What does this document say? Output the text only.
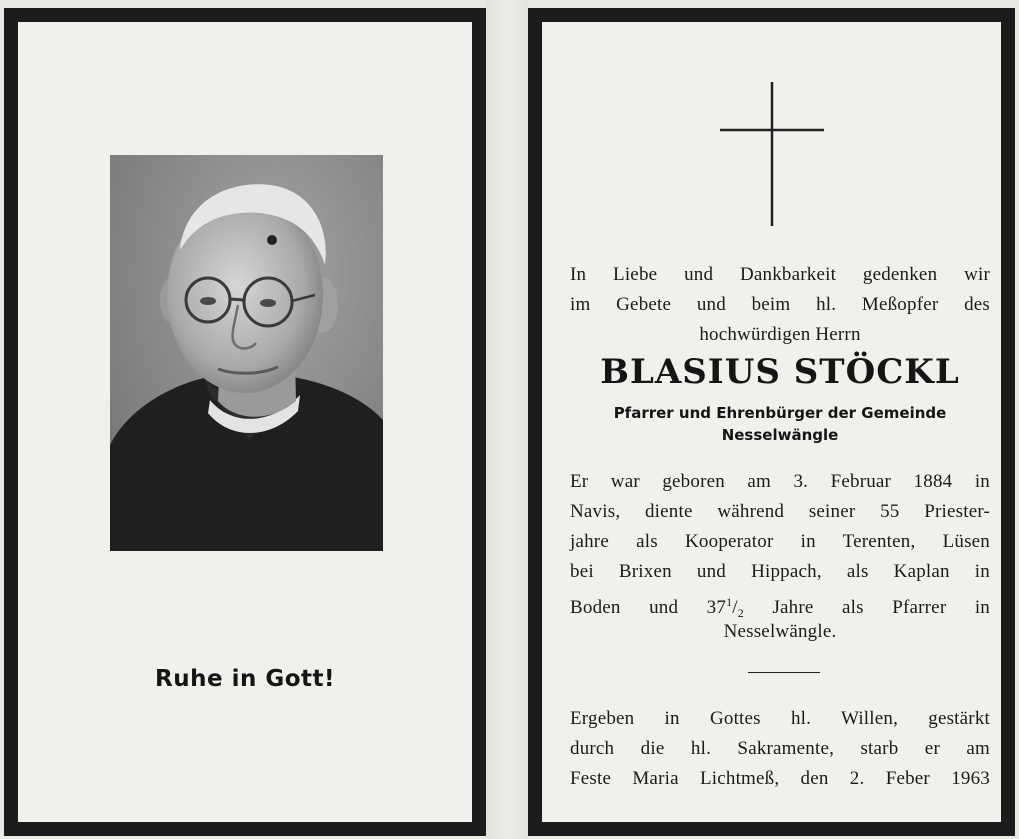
Ruhe in Gott!
In Liebe und Dankbarkeit gedenken wir
im Gebete und beim hl. Meßopfer des
hochwürdigen Herrn
BLASIUS STÖCKL
Pfarrer und Ehrenbürger der Gemeinde
Nesselwängle
Er war geboren am 3. Februar 1884 in
Navis, diente während seiner 55 Priester-
jahre als Kooperator in Terenten, Lüsen
bei Brixen und Hippach, als Kaplan in
Boden und $37^1/_2$ Jahre als Pfarrer in
Nesselwängle.
Ergeben in Gottes hl. Willen, gestärkt
durch die hl. Sakramente, starb er am
Feste Maria Lichtmeß, den 2. Feber 1963
